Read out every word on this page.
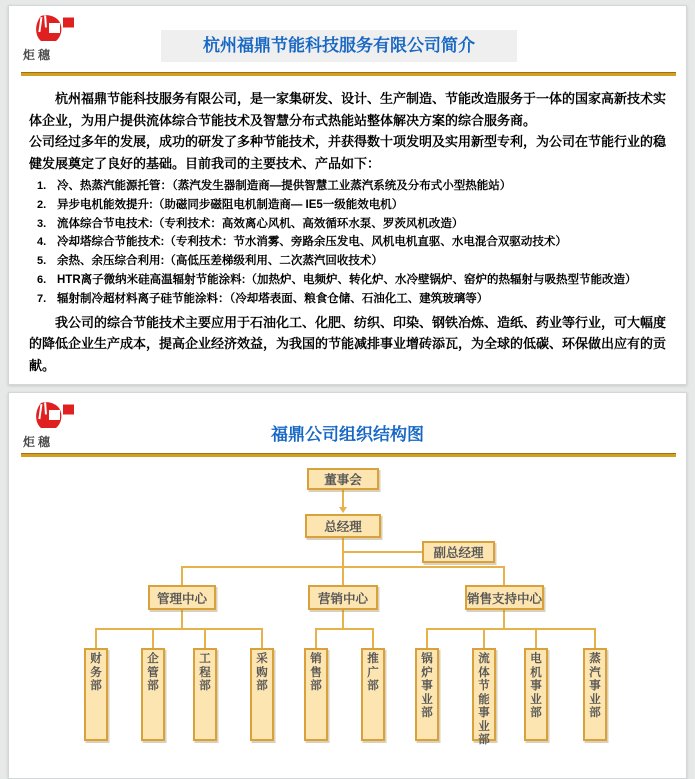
炬穗	杭州福鼎节能科技服务有限公司简介

杭州福鼎节能科技服务有限公司，是一家集研发、设计、生产制造、节能改造服务于一体的国家高新技术实体企业，为用户提供流体综合节能技术及智慧分布式热能站整体解决方案的综合服务商。

公司经过多年的发展，成功的研发了多种节能技术，并获得数十项发明及实用新型专利，为公司在节能行业的稳健发展奠定了良好的基础。目前我司的主要技术、产品如下：

冷、热蒸汽能源托管：（蒸汽发生器制造商—提供智慧工业蒸汽系统及分布式小型热能站）
异步电机能效提升:（助磁同步磁阻电机制造商— IE5一级能效电机）
流体综合节电技术:（专利技术：高效离心风机、高效循环水泵、罗茨风机改造）
冷却塔综合节能技术:（专利技术：节水消雾、旁路余压发电、风机电机直驱、水电混合双驱动技术）
余热、余压综合利用:（高低压差梯级利用、二次蒸汽回收技术）
HTR离子微纳米硅高温辐射节能涂料:（加热炉、电频炉、转化炉、水冷壁锅炉、窑炉的热辐射与吸热型节能改造）
辐射制冷超材料离子硅节能涂料：（冷却塔表面、粮食仓储、石油化工、建筑玻璃等）

我公司的综合节能技术主要应用于石油化工、化肥、纺织、印染、钢铁冶炼、造纸、药业等行业，可大幅度的降低企业生产成本，提高企业经济效益，为我国的节能减排事业增砖添瓦，为全球的低碳、环保做出应有的贡献。

炬穗	福鼎公司组织结构图
董事会
总经理
副总经理
管理中心	营销中心	销售支持中心
财务部
企管部
工程部
采购部
销售部
推广部
锅炉事业部
流体节能事业部
电机事业部
蒸汽事业部
